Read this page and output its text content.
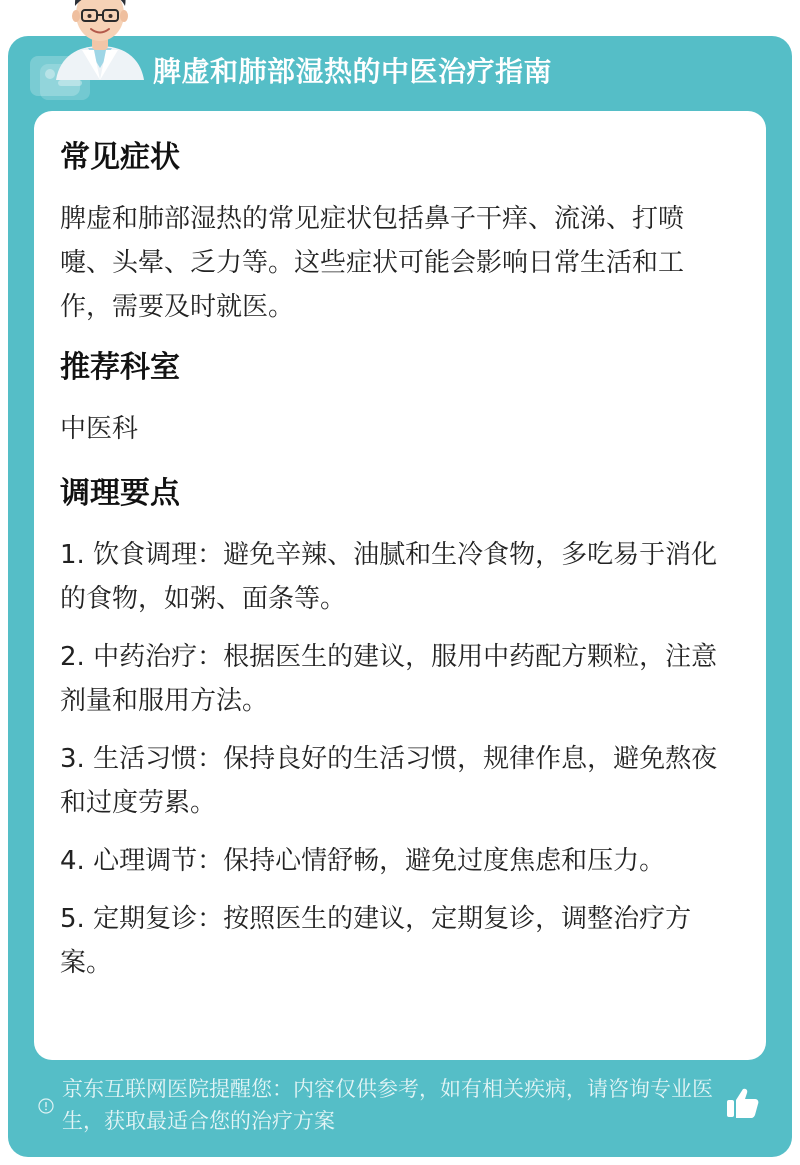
脾虚和肺部湿热的中医治疗指南
常见症状
脾虚和肺部湿热的常见症状包括鼻子干痒、流涕、打喷嚏、头晕、乏力等。这些症状可能会影响日常生活和工作，需要及时就医。
推荐科室
中医科
调理要点
1. 饮食调理：避免辛辣、油腻和生冷食物，多吃易于消化的食物，如粥、面条等。
2. 中药治疗：根据医生的建议，服用中药配方颗粒，注意剂量和服用方法。
3. 生活习惯：保持良好的生活习惯，规律作息，避免熬夜和过度劳累。
4. 心理调节：保持心情舒畅，避免过度焦虑和压力。
5. 定期复诊：按照医生的建议，定期复诊，调整治疗方案。
京东互联网医院提醒您：内容仅供参考，如有相关疾病，请咨询专业医生，获取最适合您的治疗方案
